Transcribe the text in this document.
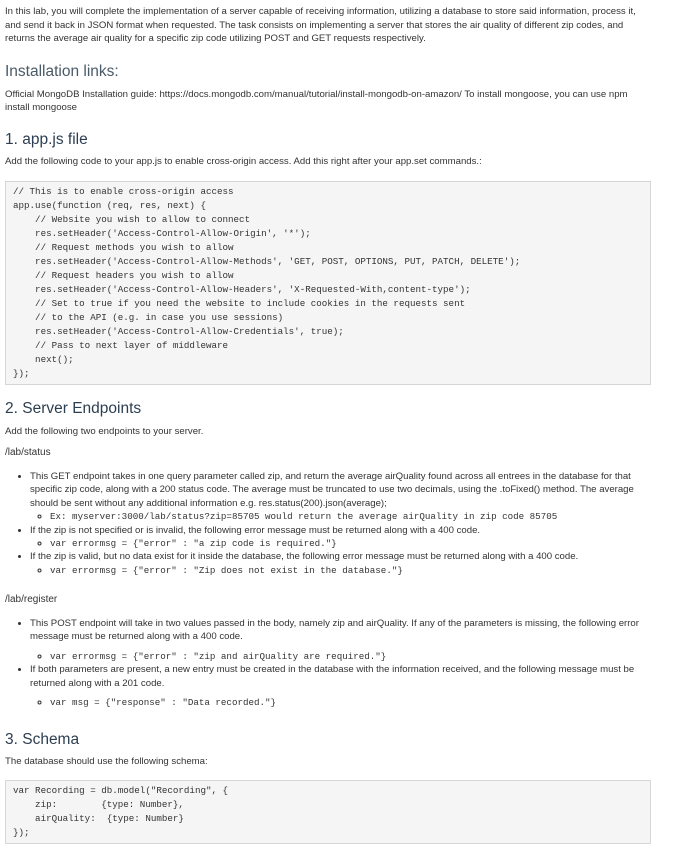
In this lab, you will complete the implementation of a server capable of receiving information, utilizing a database to store said information, process it, and send it back in JSON format when requested. The task consists on implementing a server that stores the air quality of different zip codes, and returns the average air quality for a specific zip code utilizing POST and GET requests respectively.

Installation links:

Official MongoDB Installation guide: https://docs.mongodb.com/manual/tutorial/install-mongodb-on-amazon/ To install mongoose, you can use npm install mongoose

1. app.js file

Add the following code to your app.js to enable cross-origin access. Add this right after your app.set commands.:

// This is to enable cross-origin access
app.use(function (req, res, next) {
// Website you wish to allow to connect
res.setHeader('Access-Control-Allow-Origin', '*');
// Request methods you wish to allow
res.setHeader('Access-Control-Allow-Methods', 'GET, POST, OPTIONS, PUT, PATCH, DELETE');
// Request headers you wish to allow
res.setHeader('Access-Control-Allow-Headers', 'X-Requested-With,content-type');
// Set to true if you need the website to include cookies in the requests sent
// to the API (e.g. in case you use sessions)
res.setHeader('Access-Control-Allow-Credentials', true);
// Pass to next layer of middleware
next();
});
2. Server Endpoints

Add the following two endpoints to your server.

/lab/status

• This GET endpoint takes in one query parameter called zip, and return the average airQuality found across all entrees in the database for that specific zip code, along with a 200 status code. The average must be truncated to use two decimals, using the .toFixed() method. The average should be sent without any additional information e.g. res.status(200).json(average);
◦ Ex: myserver:3000/lab/status?zip=85705 would return the average airQuality in zip code 85705
• If the zip is not specified or is invalid, the following error message must be returned along with a 400 code.
◦ var errormsg = {"error" : "a zip code is required."}
• If the zip is valid, but no data exist for it inside the database, the following error message must be returned along with a 400 code.
◦ var errormsg = {"error" : "Zip does not exist in the database."}

/lab/register

• This POST endpoint will take in two values passed in the body, namely zip and airQuality. If any of the parameters is missing, the following error message must be returned along with a 400 code.
◦ var errormsg = {"error" : "zip and airQuality are required."}
• If both parameters are present, a new entry must be created in the database with the information received, and the following message must be returned along with a 201 code.
◦ var msg = {"response" : "Data recorded."}
3. Schema

The database should use the following schema:

var Recording = db.model("Recording", {
zip:        {type: Number},
airQuality:  {type: Number}
});
